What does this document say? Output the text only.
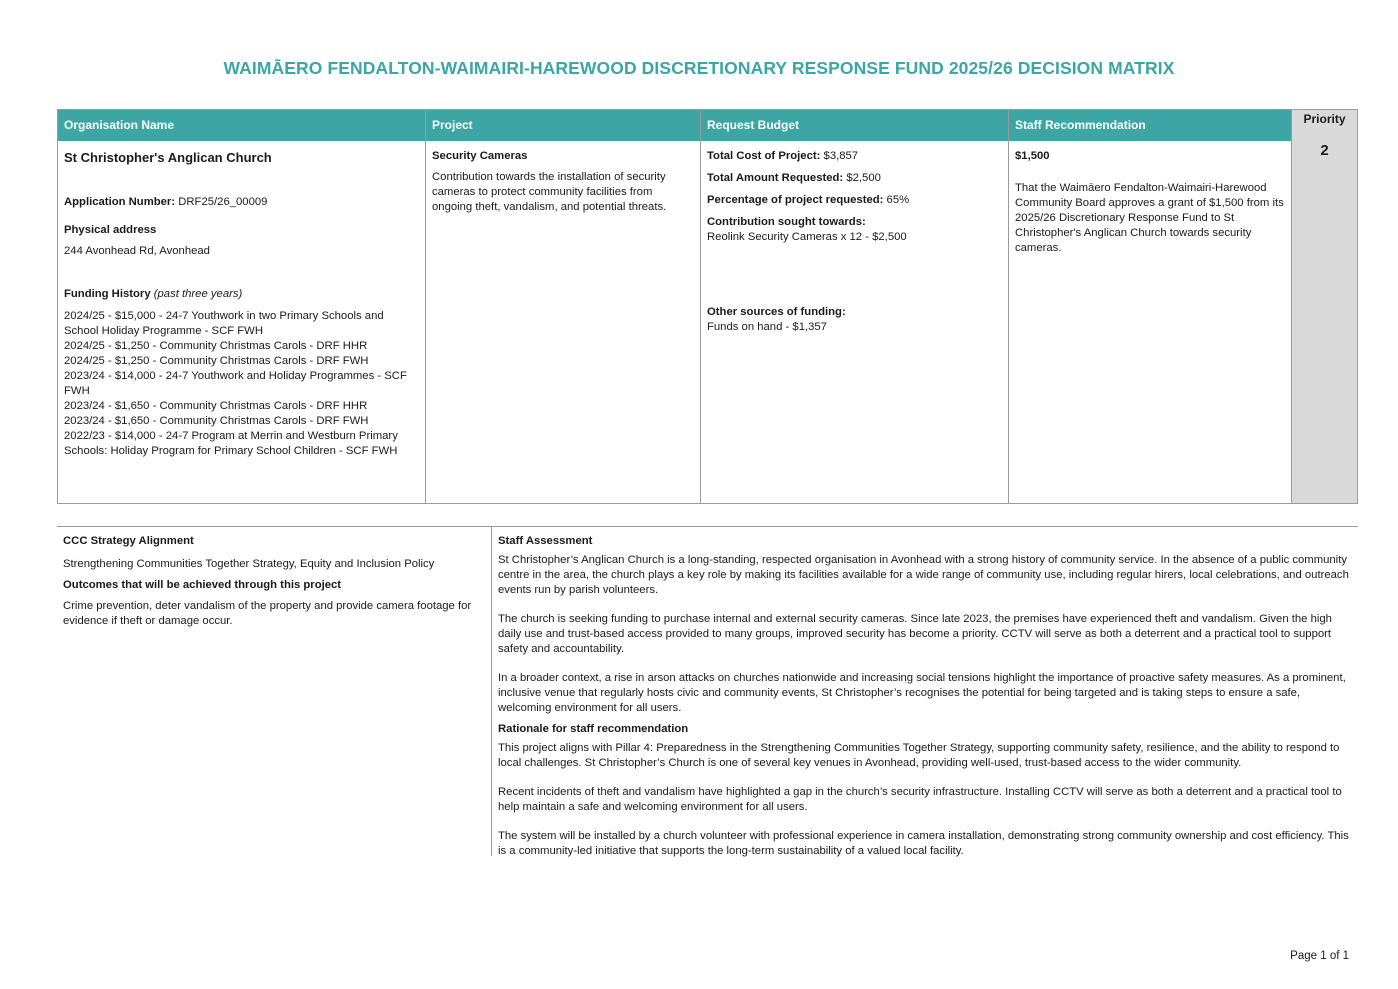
WAIMĀERO FENDALTON-WAIMAIRI-HAREWOOD DISCRETIONARY RESPONSE FUND 2025/26 DECISION MATRIX
Organisation Name
St Christopher's Anglican Church
Application Number: DRF25/26_00009
Physical address
244 Avonhead Rd, Avonhead
Funding History (past three years)
2024/25 - $15,000 - 24-7 Youthwork in two Primary Schools and School Holiday Programme - SCF FWH
2024/25 - $1,250 - Community Christmas Carols - DRF HHR
2024/25 - $1,250 - Community Christmas Carols - DRF FWH
2023/24 - $14,000 - 24-7 Youthwork and Holiday Programmes - SCF FWH
2023/24 - $1,650 - Community Christmas Carols - DRF HHR
2023/24 - $1,650 - Community Christmas Carols - DRF FWH
2022/23 - $14,000 - 24-7 Program at Merrin and Westburn Primary Schools: Holiday Program for Primary School Children - SCF FWH
Project
Security Cameras
Contribution towards the installation of security cameras to protect community facilities from ongoing theft, vandalism, and potential threats.
Request Budget
Total Cost of Project: $3,857
Total Amount Requested: $2,500
Percentage of project requested: 65%
Contribution sought towards:
Reolink Security Cameras x 12 - $2,500
Other sources of funding:
Funds on hand - $1,357
Staff Recommendation
$1,500
That the Waimāero Fendalton-Waimairi-Harewood Community Board approves a grant of $1,500 from its 2025/26 Discretionary Response Fund to St Christopher's Anglican Church towards security cameras.
Priority
2

CCC Strategy Alignment

Strengthening Communities Together Strategy, Equity and Inclusion Policy

Outcomes that will be achieved through this project

Crime prevention, deter vandalism of the property and provide camera footage for evidence if theft or damage occur.

Staff Assessment

St Christopher’s Anglican Church is a long-standing, respected organisation in Avonhead with a strong history of community service. In the absence of a public community centre in the area, the church plays a key role by making its facilities available for a wide range of community use, including regular hirers, local celebrations, and outreach events run by parish volunteers.

The church is seeking funding to purchase internal and external security cameras. Since late 2023, the premises have experienced theft and vandalism. Given the high daily use and trust-based access provided to many groups, improved security has become a priority. CCTV will serve as both a deterrent and a practical tool to support safety and accountability.

In a broader context, a rise in arson attacks on churches nationwide and increasing social tensions highlight the importance of proactive safety measures. As a prominent, inclusive venue that regularly hosts civic and community events, St Christopher’s recognises the potential for being targeted and is taking steps to ensure a safe, welcoming environment for all users.

Rationale for staff recommendation

This project aligns with Pillar 4: Preparedness in the Strengthening Communities Together Strategy, supporting community safety, resilience, and the ability to respond to local challenges. St Christopher’s Church is one of several key venues in Avonhead, providing well-used, trust-based access to the wider community.

Recent incidents of theft and vandalism have highlighted a gap in the church’s security infrastructure. Installing CCTV will serve as both a deterrent and a practical tool to help maintain a safe and welcoming environment for all users.

The system will be installed by a church volunteer with professional experience in camera installation, demonstrating strong community ownership and cost efficiency. This is a community-led initiative that supports the long-term sustainability of a valued local facility.

Page 1 of 1
